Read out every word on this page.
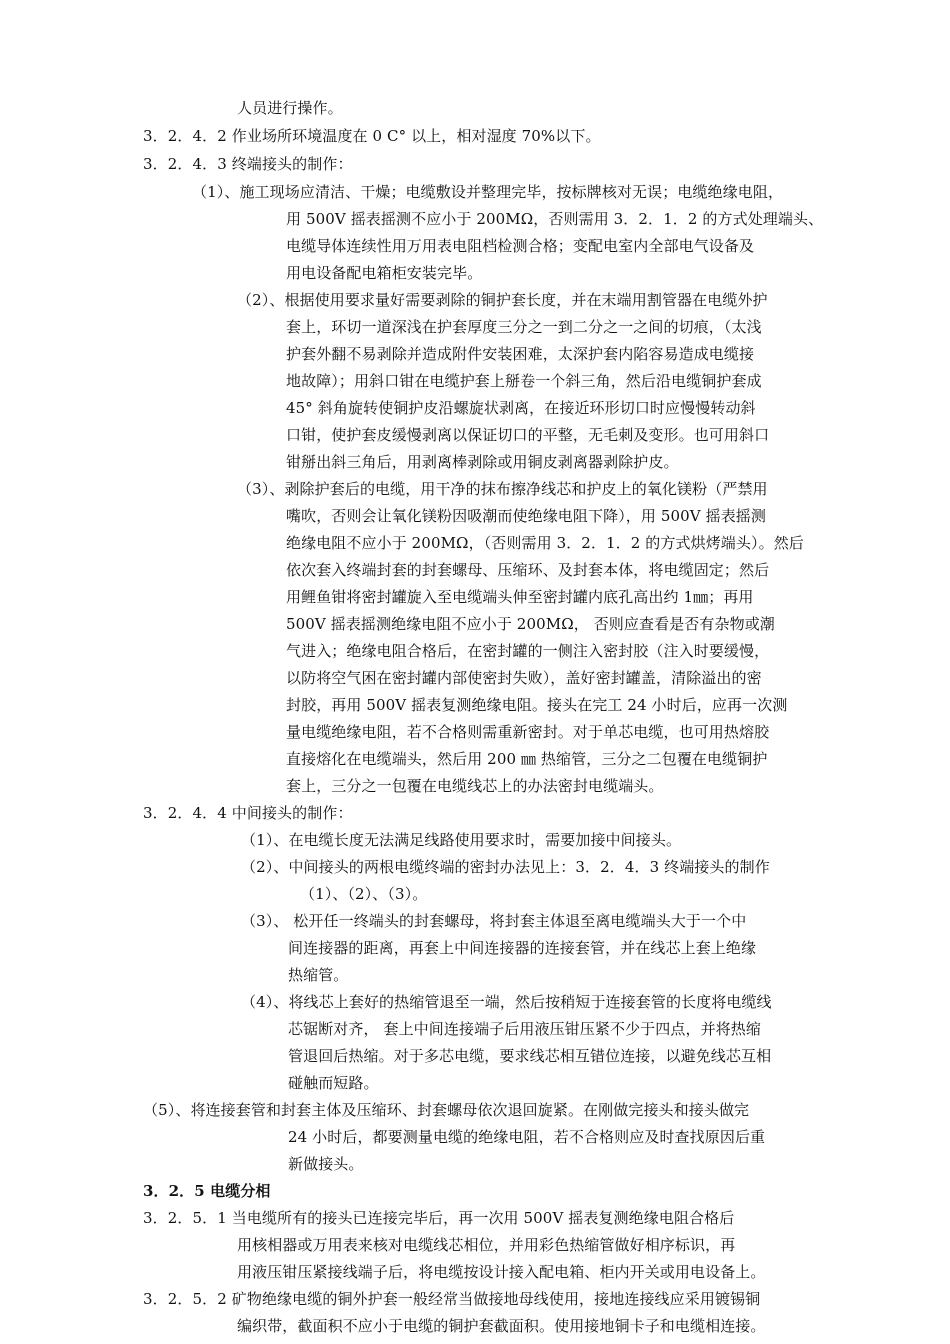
人员进行操作。
3．2．4．2 作业场所环境温度在 0 C° 以上，相对湿度 70%以下。
3．2．4．3 终端接头的制作：
（1）、施工现场应清洁、干燥；电缆敷设并整理完毕，按标牌核对无误；电缆绝缘电阻，
用 500V 摇表摇测不应小于 200MΩ，否则需用 3．2．1．2 的方式处理端头、
电缆导体连续性用万用表电阻档检测合格；变配电室内全部电气设备及
用电设备配电箱柜安装完毕。
（2）、根据使用要求量好需要剥除的铜护套长度，并在末端用割管器在电缆外护
套上，环切一道深浅在护套厚度三分之一到二分之一之间的切痕，（太浅
护套外翻不易剥除并造成附件安装困难，太深护套内陷容易造成电缆接
地故障）；用斜口钳在电缆护套上掰卷一个斜三角，然后沿电缆铜护套成
45° 斜角旋转使铜护皮沿螺旋状剥离，在接近环形切口时应慢慢转动斜
口钳，使护套皮缓慢剥离以保证切口的平整，无毛刺及变形。也可用斜口
钳掰出斜三角后，用剥离棒剥除或用铜皮剥离器剥除护皮。
（3）、剥除护套后的电缆，用干净的抹布擦净线芯和护皮上的氧化镁粉（严禁用
嘴吹，否则会让氧化镁粉因吸潮而使绝缘电阻下降），用 500V 摇表摇测
绝缘电阻不应小于 200MΩ，（否则需用 3．2．1．2 的方式烘烤端头）。然后
依次套入终端封套的封套螺母、压缩环、及封套本体，将电缆固定；然后
用鲤鱼钳将密封罐旋入至电缆端头伸至密封罐内底孔高出约 1㎜；再用
500V 摇表摇测绝缘电阻不应小于 200MΩ， 否则应查看是否有杂物或潮
气进入；绝缘电阻合格后，在密封罐的一侧注入密封胶（注入时要缓慢，
以防将空气困在密封罐内部使密封失败），盖好密封罐盖，清除溢出的密
封胶，再用 500V 摇表复测绝缘电阻。接头在完工 24 小时后，应再一次测
量电缆绝缘电阻，若不合格则需重新密封。对于单芯电缆，也可用热熔胶
直接熔化在电缆端头，然后用 200 ㎜ 热缩管，三分之二包覆在电缆铜护
套上，三分之一包覆在电缆线芯上的办法密封电缆端头。
3．2．4．4 中间接头的制作：
（1）、在电缆长度无法满足线路使用要求时，需要加接中间接头。
（2）、中间接头的两根电缆终端的密封办法见上：3．2．4．3 终端接头的制作
（1）、（2）、（3）。
（3）、 松开任一终端头的封套螺母，将封套主体退至离电缆端头大于一个中
间连接器的距离，再套上中间连接器的连接套管，并在线芯上套上绝缘
热缩管。
（4）、将线芯上套好的热缩管退至一端，然后按稍短于连接套管的长度将电缆线
芯锯断对齐， 套上中间连接端子后用液压钳压紧不少于四点，并将热缩
管退回后热缩。对于多芯电缆，要求线芯相互错位连接，以避免线芯互相
碰触而短路。
（5）、将连接套管和封套主体及压缩环、封套螺母依次退回旋紧。在刚做完接头和接头做完
24 小时后，都要测量电缆的绝缘电阻，若不合格则应及时查找原因后重
新做接头。
3．2．5 电缆分相
3．2．5．1 当电缆所有的接头已连接完毕后，再一次用 500V 摇表复测绝缘电阻合格后
用核相器或万用表来核对电缆线芯相位，并用彩色热缩管做好相序标识，再
用液压钳压紧接线端子后，将电缆按设计接入配电箱、柜内开关或用电设备上。
3．2．5．2 矿物绝缘电缆的铜外护套一般经常当做接地母线使用，接地连接线应采用镀锡铜
编织带，截面积不应小于电缆的铜护套截面积。使用接地铜卡子和电缆相连接。
